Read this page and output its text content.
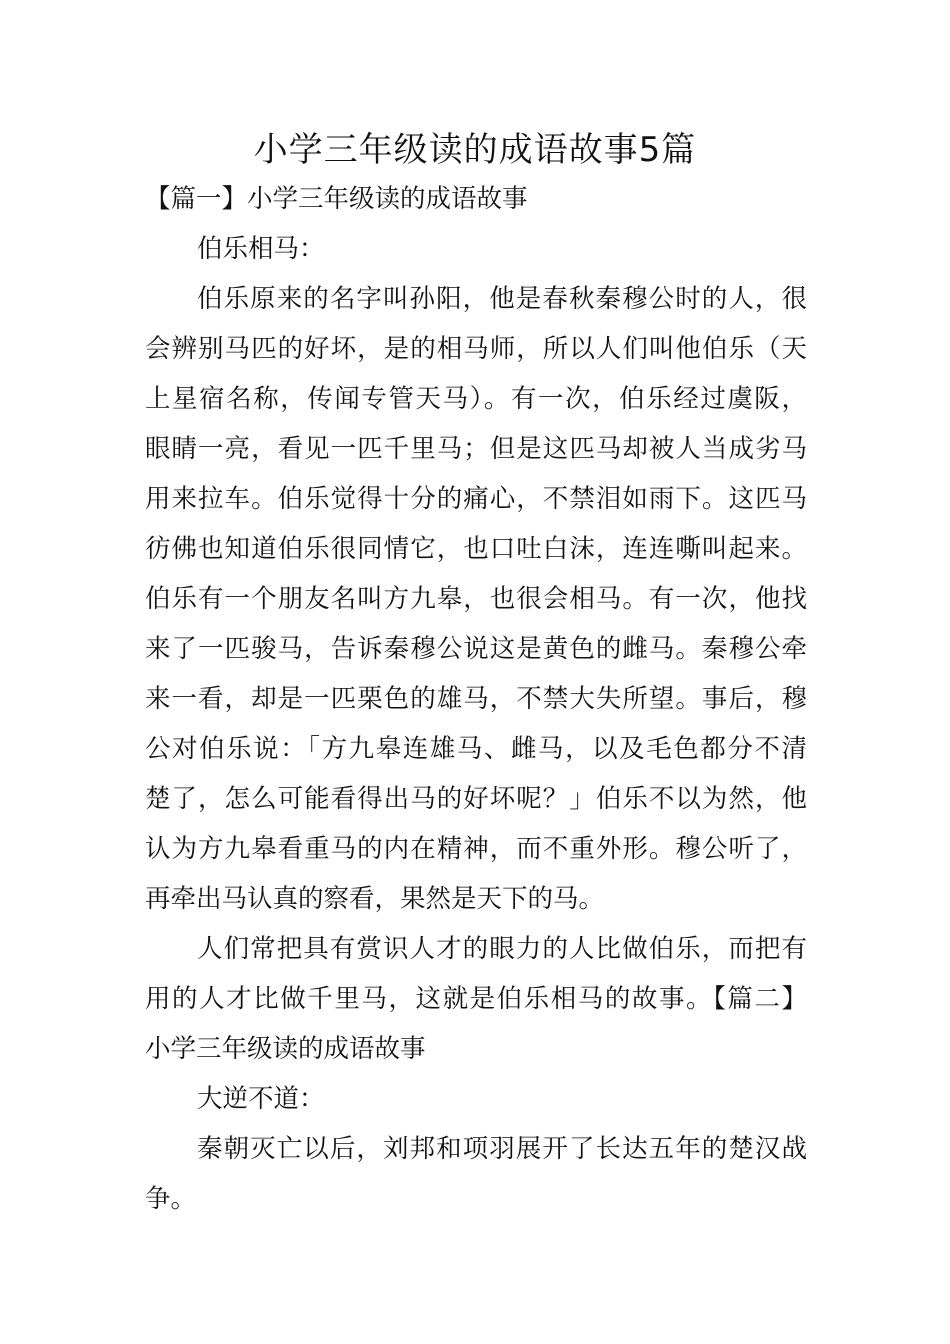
小学三年级读的成语故事5篇

【篇一】小学三年级读的成语故事

伯乐相马：

伯乐原来的名字叫孙阳，他是春秋秦穆公时的人，很

会辨别马匹的好坏，是的相马师，所以人们叫他伯乐（天

上星宿名称，传闻专管天马）。有一次，伯乐经过虞阪，

眼睛一亮，看见一匹千里马；但是这匹马却被人当成劣马

用来拉车。伯乐觉得十分的痛心，不禁泪如雨下。这匹马

彷佛也知道伯乐很同情它，也口吐白沫，连连嘶叫起来。

伯乐有一个朋友名叫方九皋，也很会相马。有一次，他找

来了一匹骏马，告诉秦穆公说这是黄色的雌马。秦穆公牵

来一看，却是一匹栗色的雄马，不禁大失所望。事后，穆

公对伯乐说：「方九皋连雄马、雌马，以及毛色都分不清

楚了，怎么可能看得出马的好坏呢？」伯乐不以为然，他

认为方九皋看重马的内在精神，而不重外形。穆公听了，

再牵出马认真的察看，果然是天下的马。

人们常把具有赏识人才的眼力的人比做伯乐，而把有

用的人才比做千里马，这就是伯乐相马的故事。【篇二】

小学三年级读的成语故事

大逆不道：

秦朝灭亡以后，刘邦和项羽展开了长达五年的楚汉战

争。
